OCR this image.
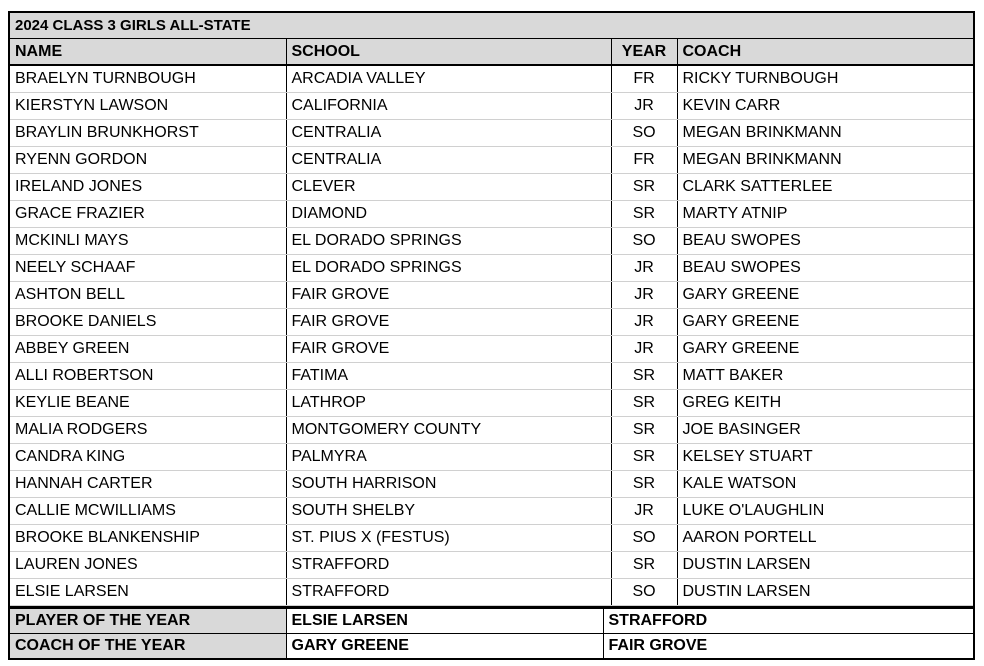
2024 CLASS 3 GIRLS ALL-STATE			
NAME	SCHOOL	YEAR	COACH
BRAELYN TURNBOUGH	ARCADIA VALLEY	FR	RICKY TURNBOUGH
KIERSTYN LAWSON	CALIFORNIA	JR	KEVIN CARR
BRAYLIN BRUNKHORST	CENTRALIA	SO	MEGAN BRINKMANN
RYENN GORDON	CENTRALIA	FR	MEGAN BRINKMANN
IRELAND JONES	CLEVER	SR	CLARK SATTERLEE
GRACE FRAZIER	DIAMOND	SR	MARTY ATNIP
MCKINLI MAYS	EL DORADO SPRINGS	SO	BEAU SWOPES
NEELY SCHAAF	EL DORADO SPRINGS	JR	BEAU SWOPES
ASHTON BELL	FAIR GROVE	JR	GARY GREENE
BROOKE DANIELS	FAIR GROVE	JR	GARY GREENE
ABBEY GREEN	FAIR GROVE	JR	GARY GREENE
ALLI ROBERTSON	FATIMA	SR	MATT BAKER
KEYLIE BEANE	LATHROP	SR	GREG KEITH
MALIA RODGERS	MONTGOMERY COUNTY	SR	JOE BASINGER
CANDRA KING	PALMYRA	SR	KELSEY STUART
HANNAH CARTER	SOUTH HARRISON	SR	KALE WATSON
CALLIE MCWILLIAMS	SOUTH SHELBY	JR	LUKE O'LAUGHLIN
BROOKE BLANKENSHIP	ST. PIUS X (FESTUS)	SO	AARON PORTELL
LAUREN JONES	STRAFFORD	SR	DUSTIN LARSEN
ELSIE LARSEN	STRAFFORD	SO	DUSTIN LARSEN
PLAYER OF THE YEAR	ELSIE LARSEN	STRAFFORD
COACH OF THE YEAR	GARY GREENE	FAIR GROVE
